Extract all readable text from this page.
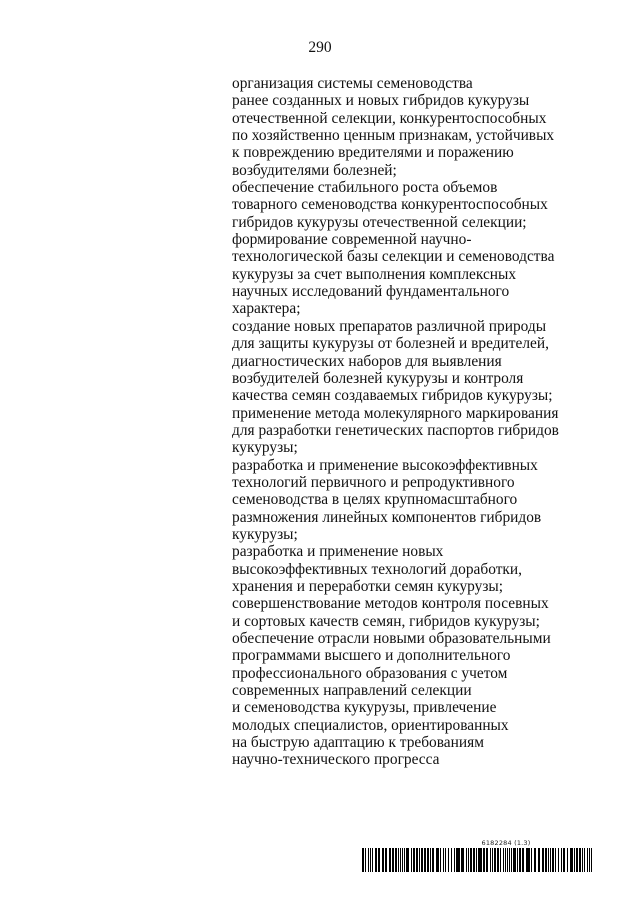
290
организация системы семеноводства
ранее созданных и новых гибридов кукурузы
отечественной селекции, конкурентоспособных
по хозяйственно ценным признакам, устойчивых
к повреждению вредителями и поражению
возбудителями болезней;
обеспечение стабильного роста объемов
товарного семеноводства конкурентоспособных
гибридов кукурузы отечественной селекции;
формирование современной научно-
технологической базы селекции и семеноводства
кукурузы за счет выполнения комплексных
научных исследований фундаментального
характера;
создание новых препаратов различной природы
для защиты кукурузы от болезней и вредителей,
диагностических наборов для выявления
возбудителей болезней кукурузы и контроля
качества семян создаваемых гибридов кукурузы;
применение метода молекулярного маркирования
для разработки генетических паспортов гибридов
кукурузы;
разработка и применение высокоэффективных
технологий первичного и репродуктивного
семеноводства в целях крупномасштабного
размножения линейных компонентов гибридов
кукурузы;
разработка и применение новых
высокоэффективных технологий доработки,
хранения и переработки семян кукурузы;
совершенствование методов контроля посевных
и сортовых качеств семян, гибридов кукурузы;
обеспечение отрасли новыми образовательными
программами высшего и дополнительного
профессионального образования с учетом
современных направлений селекции
и семеноводства кукурузы, привлечение
молодых специалистов, ориентированных
на быструю адаптацию к требованиям
научно-технического прогресса
6182284 (1.3)
